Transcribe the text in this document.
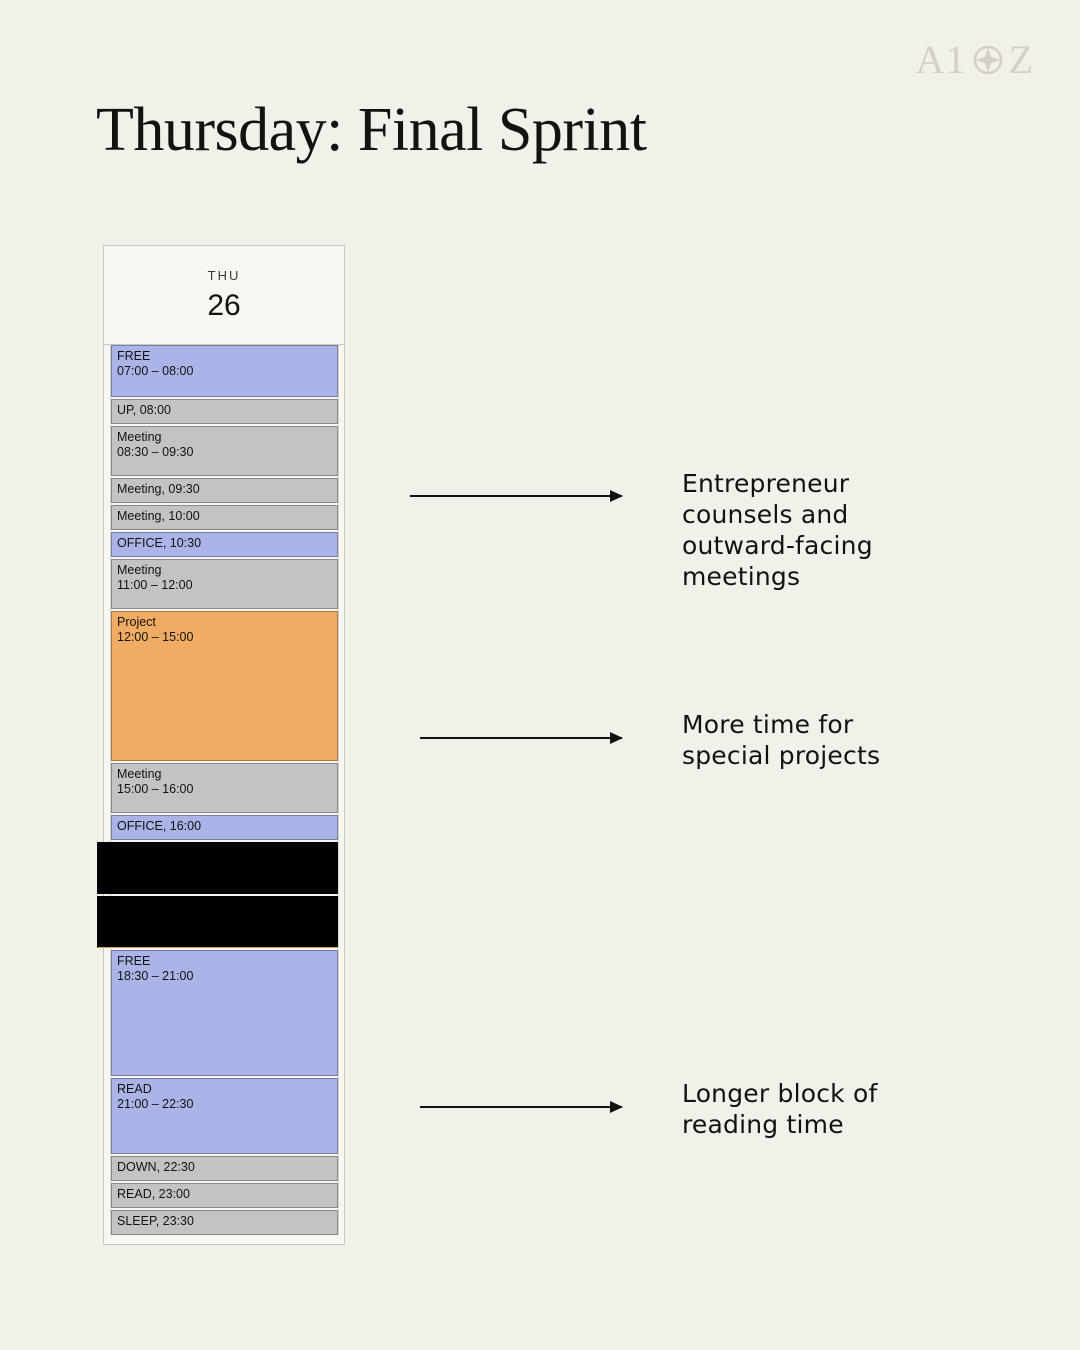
A1 Z
Thursday: Final Sprint
THU
26
FREE
07:00 – 08:00
UP, 08:00
Meeting
08:30 – 09:30
Meeting, 09:30
Meeting, 10:00
OFFICE, 10:30
Meeting
11:00 – 12:00
Project
12:00 – 15:00
Meeting
15:00 – 16:00
OFFICE, 16:00
FREE
18:30 – 21:00
READ
21:00 – 22:30
DOWN, 22:30
READ, 23:00
SLEEP, 23:30
Entrepreneur
counsels and
outward-facing
meetings
More time for
special projects
Longer block of
reading time
